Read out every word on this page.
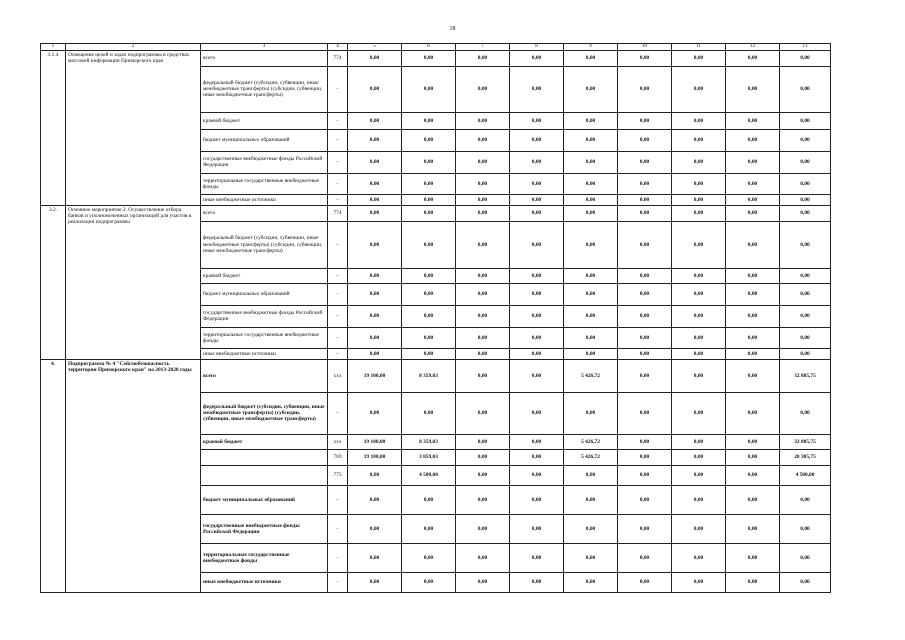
18
1	2	3	4	5	6	7	8	9	10	11	12	13
3.1.4	Освещение целей и задач подпрограммы в средствах массовой информации Приморского края	всего	774	0,00	0,00	0,00	0,00	0,00	0,00	0,00	0,00	0,00
		федеральный бюджет (субсидии, субвенции, иные межбюджетные трансферты) (субсидии, субвенции, иные межбюджетные трансферты)	-	0,00	0,00	0,00	0,00	0,00	0,00	0,00	0,00	0,00
		краевой бюджет	-	0,00	0,00	0,00	0,00	0,00	0,00	0,00	0,00	0,00
		бюджет муниципальных образований	-	0,00	0,00	0,00	0,00	0,00	0,00	0,00	0,00	0,00
		государственные внебюджетные фонды Российской Федерации	-	0,00	0,00	0,00	0,00	0,00	0,00	0,00	0,00	0,00
		территориальные государственные внебюджетные фонды	-	0,00	0,00	0,00	0,00	0,00	0,00	0,00	0,00	0,00
		иные внебюджетные источники	-	0,00	0,00	0,00	0,00	0,00	0,00	0,00	0,00	0,00
3.2.	Основное мероприятие 2. Осуществление отбора банков и уполномоченных организаций для участия в реализации подпрограммы	всего	774	0,00	0,00	0,00	0,00	0,00	0,00	0,00	0,00	0,00
		федеральный бюджет (субсидии, субвенции, иные межбюджетные трансферты) (субсидии, субвенции, иные межбюджетные трансферты)	-	0,00	0,00	0,00	0,00	0,00	0,00	0,00	0,00	0,00
		краевой бюджет	-	0,00	0,00	0,00	0,00	0,00	0,00	0,00	0,00	0,00
		бюджет муниципальных образований	-	0,00	0,00	0,00	0,00	0,00	0,00	0,00	0,00	0,00
		государственные внебюджетные фонды Российской Федерации	-	0,00	0,00	0,00	0,00	0,00	0,00	0,00	0,00	0,00
		территориальные государственные внебюджетные фонды	-	0,00	0,00	0,00	0,00	0,00	0,00	0,00	0,00	0,00
		иные внебюджетные источники	-	0,00	0,00	0,00	0,00	0,00	0,00	0,00	0,00	0,00
4.	Подпрограмма № 4 "Сейсмобезопасность территории Приморского края" на 2013-2020 годы	всего	ххх	19 100,00	8 359,03	0,00	0,00	5 426,72	0,00	0,00	0,00	32 885,75
		федеральный бюджет (субсидии, субвенции, иные межбюджетные трансферты) (субсидии, субвенции, иные межбюджетные трансферты)	-	0,00	0,00	0,00	0,00	0,00	0,00	0,00	0,00	0,00
		краевой бюджет	ххх	19 100,00	8 359,03	0,00	0,00	5 426,72	0,00	0,00	0,00	32 885,75
			769	19 100,00	3 859,03	0,00	0,00	5 426,72	0,00	0,00	0,00	28 385,75
			775	0,00	4 500,00	0,00	0,00	0,00	0,00	0,00	0,00	4 500,00
		бюджет муниципальных образований	-	0,00	0,00	0,00	0,00	0,00	0,00	0,00	0,00	0,00
		государственные внебюджетные фонды Российской Федерации	-	0,00	0,00	0,00	0,00	0,00	0,00	0,00	0,00	0,00
		территориальные государственные внебюджетные фонды	-	0,00	0,00	0,00	0,00	0,00	0,00	0,00	0,00	0,00
		иные внебюджетные источники	-	0,00	0,00	0,00	0,00	0,00	0,00	0,00	0,00	0,00
